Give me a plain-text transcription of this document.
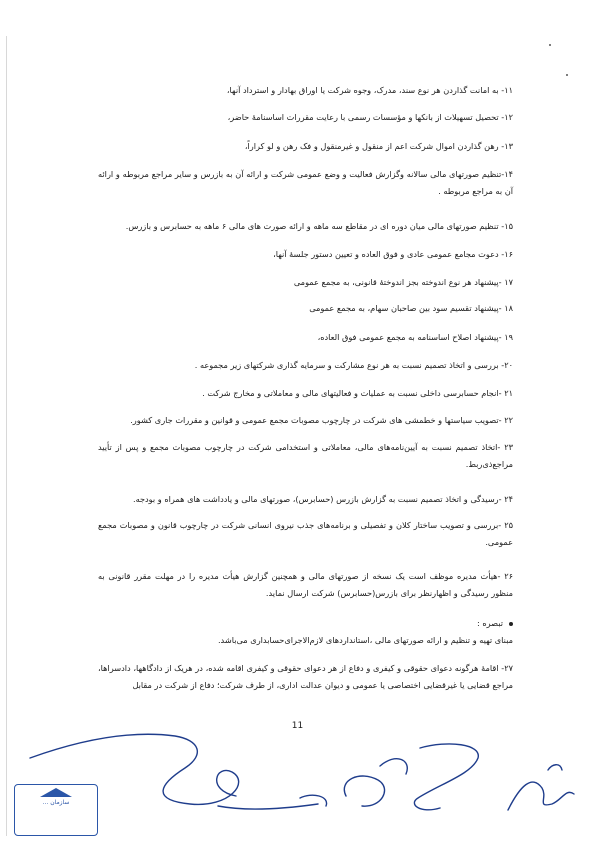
۱۱- به امانت گذاردن هر نوع سند، مدرک، وجوه شرکت یا اوراق بهادار و استرداد آنها،

۱۲- تحصیل تسهیلات از بانکها و مؤسسات رسمی با رعایت مقررات اساسنامهٔ حاضر،

۱۳- رهن گذاردن اموال شرکت اعم از منقول و غیرمنقول و فک رهن و لو کراراً،

۱۴-تنظیم صورتهای مالی سالانه وگزارش فعالیت و وضع عمومی شرکت و ارائه آن به بازرس و سایر مراجع مربوطه و ارائه آن به مراجع مربوطه .

۱۵- تنظیم صورتهای مالی میان دوره ای در مقاطع سه ماهه و ارائه صورت های مالی ۶ ماهه به حسابرس و بازرس.

۱۶- دعوت مجامع عمومی عادی و فوق العاده و تعیین دستور جلسهٔ آنها،

۱۷ -پیشنهاد هر نوع اندوخته بجز اندوختهٔ قانونی، به مجمع عمومی

۱۸ -پیشنهاد تقسیم سود بین صاحبان سهام، به مجمع عمومی

۱۹ -پیشنهاد اصلاح اساسنامه به مجمع عمومی فوق العاده،

۲۰- بررسی و اتخاذ تصمیم نسبت به هر نوع مشارکت و سرمایه گذاری شرکتهای زیر مجموعه .

۲۱ -انجام حسابرسی داخلی نسبت به عملیات و فعالیتهای مالی و معاملاتی و مخارج شرکت .

۲۲ -تصویب سیاستها و خطمشی های شرکت در چارچوب مصوبات مجمع عمومی و قوانین و مقررات جاری کشور.

۲۳ -اتخاذ تصمیم نسبت به آیین‌نامه‌های مالی، معاملاتی و استخدامی شرکت در چارچوب مصوبات مجمع و پس از تأیید مراجع‌ذی‌ربط.

۲۴ -رسیدگی و اتخاذ تصمیم نسبت به گزارش بازرس (حسابرس)، صورتهای مالی و یادداشت های همراه و بودجه.

۲۵ -بررسی و تصویب ساختار کلان و تفصیلی و برنامه‌های جذب نیروی انسانی شرکت در چارچوب قانون و مصوبات مجمع عمومی.

۲۶ -هیأت مدیره موظف است یک نسخه از صورتهای مالی و همچنین گزارش هیأت مدیره را در مهلت مقرر قانونی به منظور رسیدگی و اظهارنظر برای بازرس(حسابرس) شرکت ارسال نماید.

تبصره :

مبنای تهیه و تنظیم و ارائه صورتهای مالی ،استانداردهای لازم‌الاجرای‌حسابداری می‌باشد.

۲۷- اقامهٔ هرگونه دعوای حقوقی و کیفری و دفاع از هر دعوای حقوقی و کیفری اقامه شده، در هریک از دادگاهها، دادسراها، مراجع قضایی یا غیرقضایی اختصاصی یا عمومی و دیوان عدالت اداری، از طرف شرکت؛ دفاع از شرکت در مقابل

11
سازمان ...
